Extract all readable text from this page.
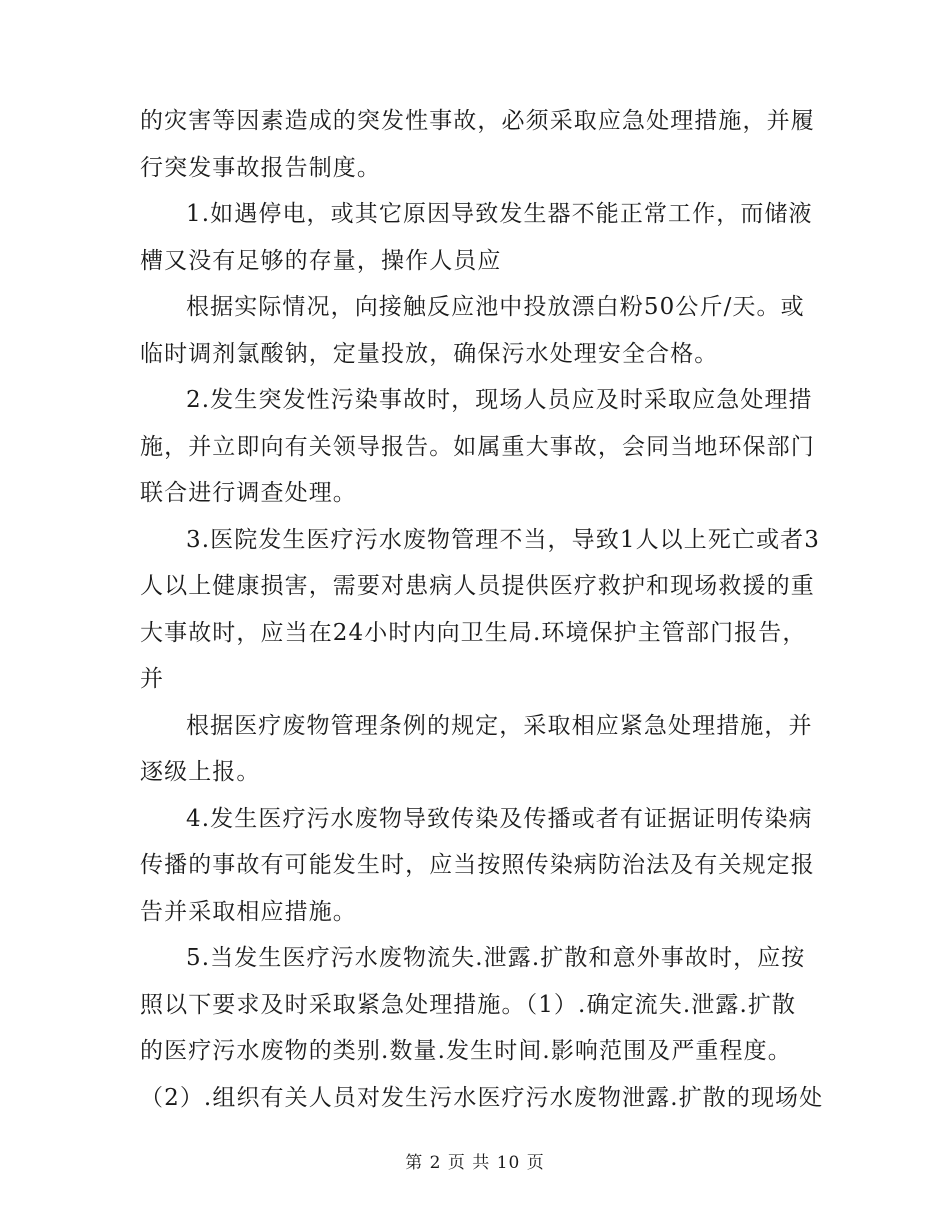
的灾害等因素造成的突发性事故，必须采取应急处理措施，并履
行突发事故报告制度。
1.如遇停电，或其它原因导致发生器不能正常工作，而储液
槽又没有足够的存量，操作人员应
根据实际情况，向接触反应池中投放漂白粉50公斤/天。或
临时调剂氯酸钠，定量投放，确保污水处理安全合格。
2.发生突发性污染事故时，现场人员应及时采取应急处理措
施，并立即向有关领导报告。如属重大事故，会同当地环保部门
联合进行调查处理。
3.医院发生医疗污水废物管理不当，导致1人以上死亡或者3
人以上健康损害，需要对患病人员提供医疗救护和现场救援的重
大事故时，应当在24小时内向卫生局.环境保护主管部门报告，
并
根据医疗废物管理条例的规定，采取相应紧急处理措施，并
逐级上报。
4.发生医疗污水废物导致传染及传播或者有证据证明传染病
传播的事故有可能发生时，应当按照传染病防治法及有关规定报
告并采取相应措施。
5.当发生医疗污水废物流失.泄露.扩散和意外事故时，应按
照以下要求及时采取紧急处理措施。（1）.确定流失.泄露.扩散
的医疗污水废物的类别.数量.发生时间.影响范围及严重程度。
（2）.组织有关人员对发生污水医疗污水废物泄露.扩散的现场处
第 2 页 共 10 页
